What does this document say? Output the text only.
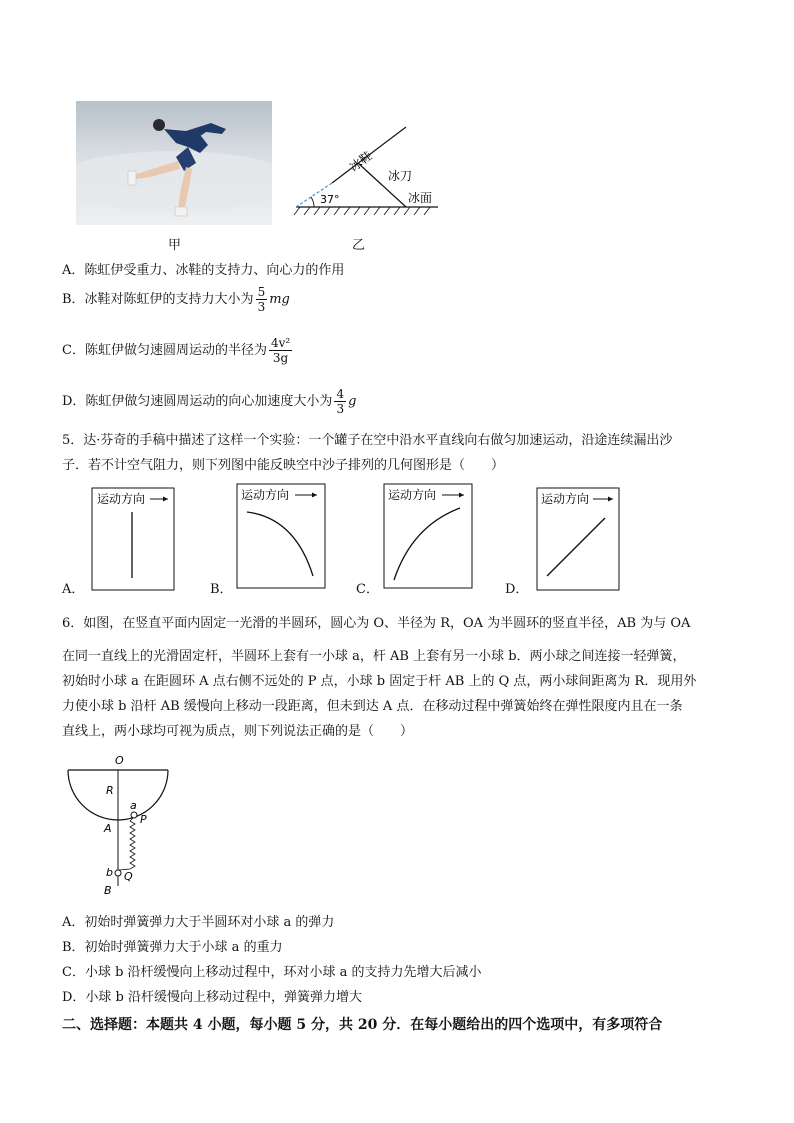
37°
冰鞋
冰刀
冰面
甲	乙
A．陈虹伊受重力、冰鞋的支持力、向心力的作用
B．冰鞋对陈虹伊的支持力大小为 $\frac{5}{3}$ mg
C．陈虹伊做匀速圆周运动的半径为 $\frac{\text{4v²}}{3g}$
D．陈虹伊做匀速圆周运动的向心加速度大小为 $\frac{4}{3}$ g
5．达·芬奇的手稿中描述了这样一个实验：一个罐子在空中沿水平直线向右做匀加速运动，沿途连续漏出沙
子．若不计空气阻力，则下列图中能反映空中沙子排列的几何图形是（　　）
A．
运动方向
B．
运动方向
C．
运动方向
D．
运动方向
6．如图，在竖直平面内固定一光滑的半圆环，圆心为 O、半径为 R，OA 为半圆环的竖直半径，AB 为与 OA
在同一直线上的光滑固定杆，半圆环上套有一小球 a，杆 AB 上套有另一小球 b．两小球之间连接一轻弹簧，
初始时小球 a 在距圆环 A 点右侧不远处的 P 点，小球 b 固定于杆 AB 上的 Q 点，两小球间距离为 R．现用外
力使小球 b 沿杆 AB 缓慢向上移动一段距离，但未到达 A 点．在移动过程中弹簧始终在弹性限度内且在一条
直线上，两小球均可视为质点，则下列说法正确的是（　　）
O
R
A
a
P
b Q
B
A．初始时弹簧弹力大于半圆环对小球 a 的弹力
B．初始时弹簧弹力大于小球 a 的重力
C．小球 b 沿杆缓慢向上移动过程中，环对小球 a 的支持力先增大后减小
D．小球 b 沿杆缓慢向上移动过程中，弹簧弹力增大
二、选择题：本题共 4 小题，每小题 5 分，共 20 分．在每小题给出的四个选项中，有多项符合
